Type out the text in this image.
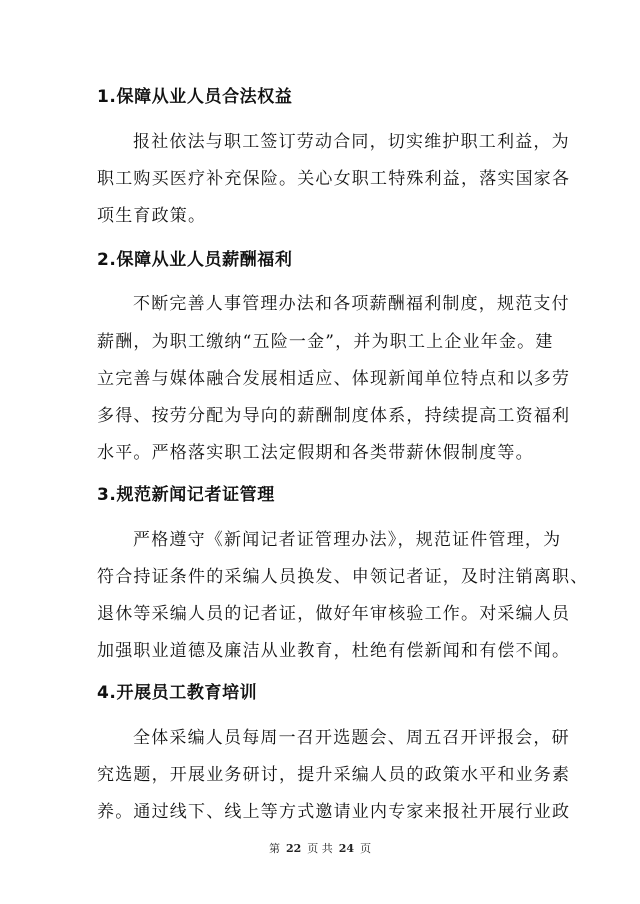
1.保障从业人员合法权益
报社依法与职工签订劳动合同，切实维护职工利益，为
职工购买医疗补充保险。关心女职工特殊利益，落实国家各
项生育政策。
2.保障从业人员薪酬福利
不断完善人事管理办法和各项薪酬福利制度，规范支付
薪酬，为职工缴纳“五险一金”，并为职工上企业年金。建
立完善与媒体融合发展相适应、体现新闻单位特点和以多劳
多得、按劳分配为导向的薪酬制度体系，持续提高工资福利
水平。严格落实职工法定假期和各类带薪休假制度等。
3.规范新闻记者证管理
严格遵守《新闻记者证管理办法》，规范证件管理，为
符合持证条件的采编人员换发、申领记者证，及时注销离职、
退休等采编人员的记者证，做好年审核验工作。对采编人员
加强职业道德及廉洁从业教育，杜绝有偿新闻和有偿不闻。
4.开展员工教育培训
全体采编人员每周一召开选题会、周五召开评报会，研
究选题，开展业务研讨，提升采编人员的政策水平和业务素
养。通过线下、线上等方式邀请业内专家来报社开展行业政
第 22 页 共 24 页
